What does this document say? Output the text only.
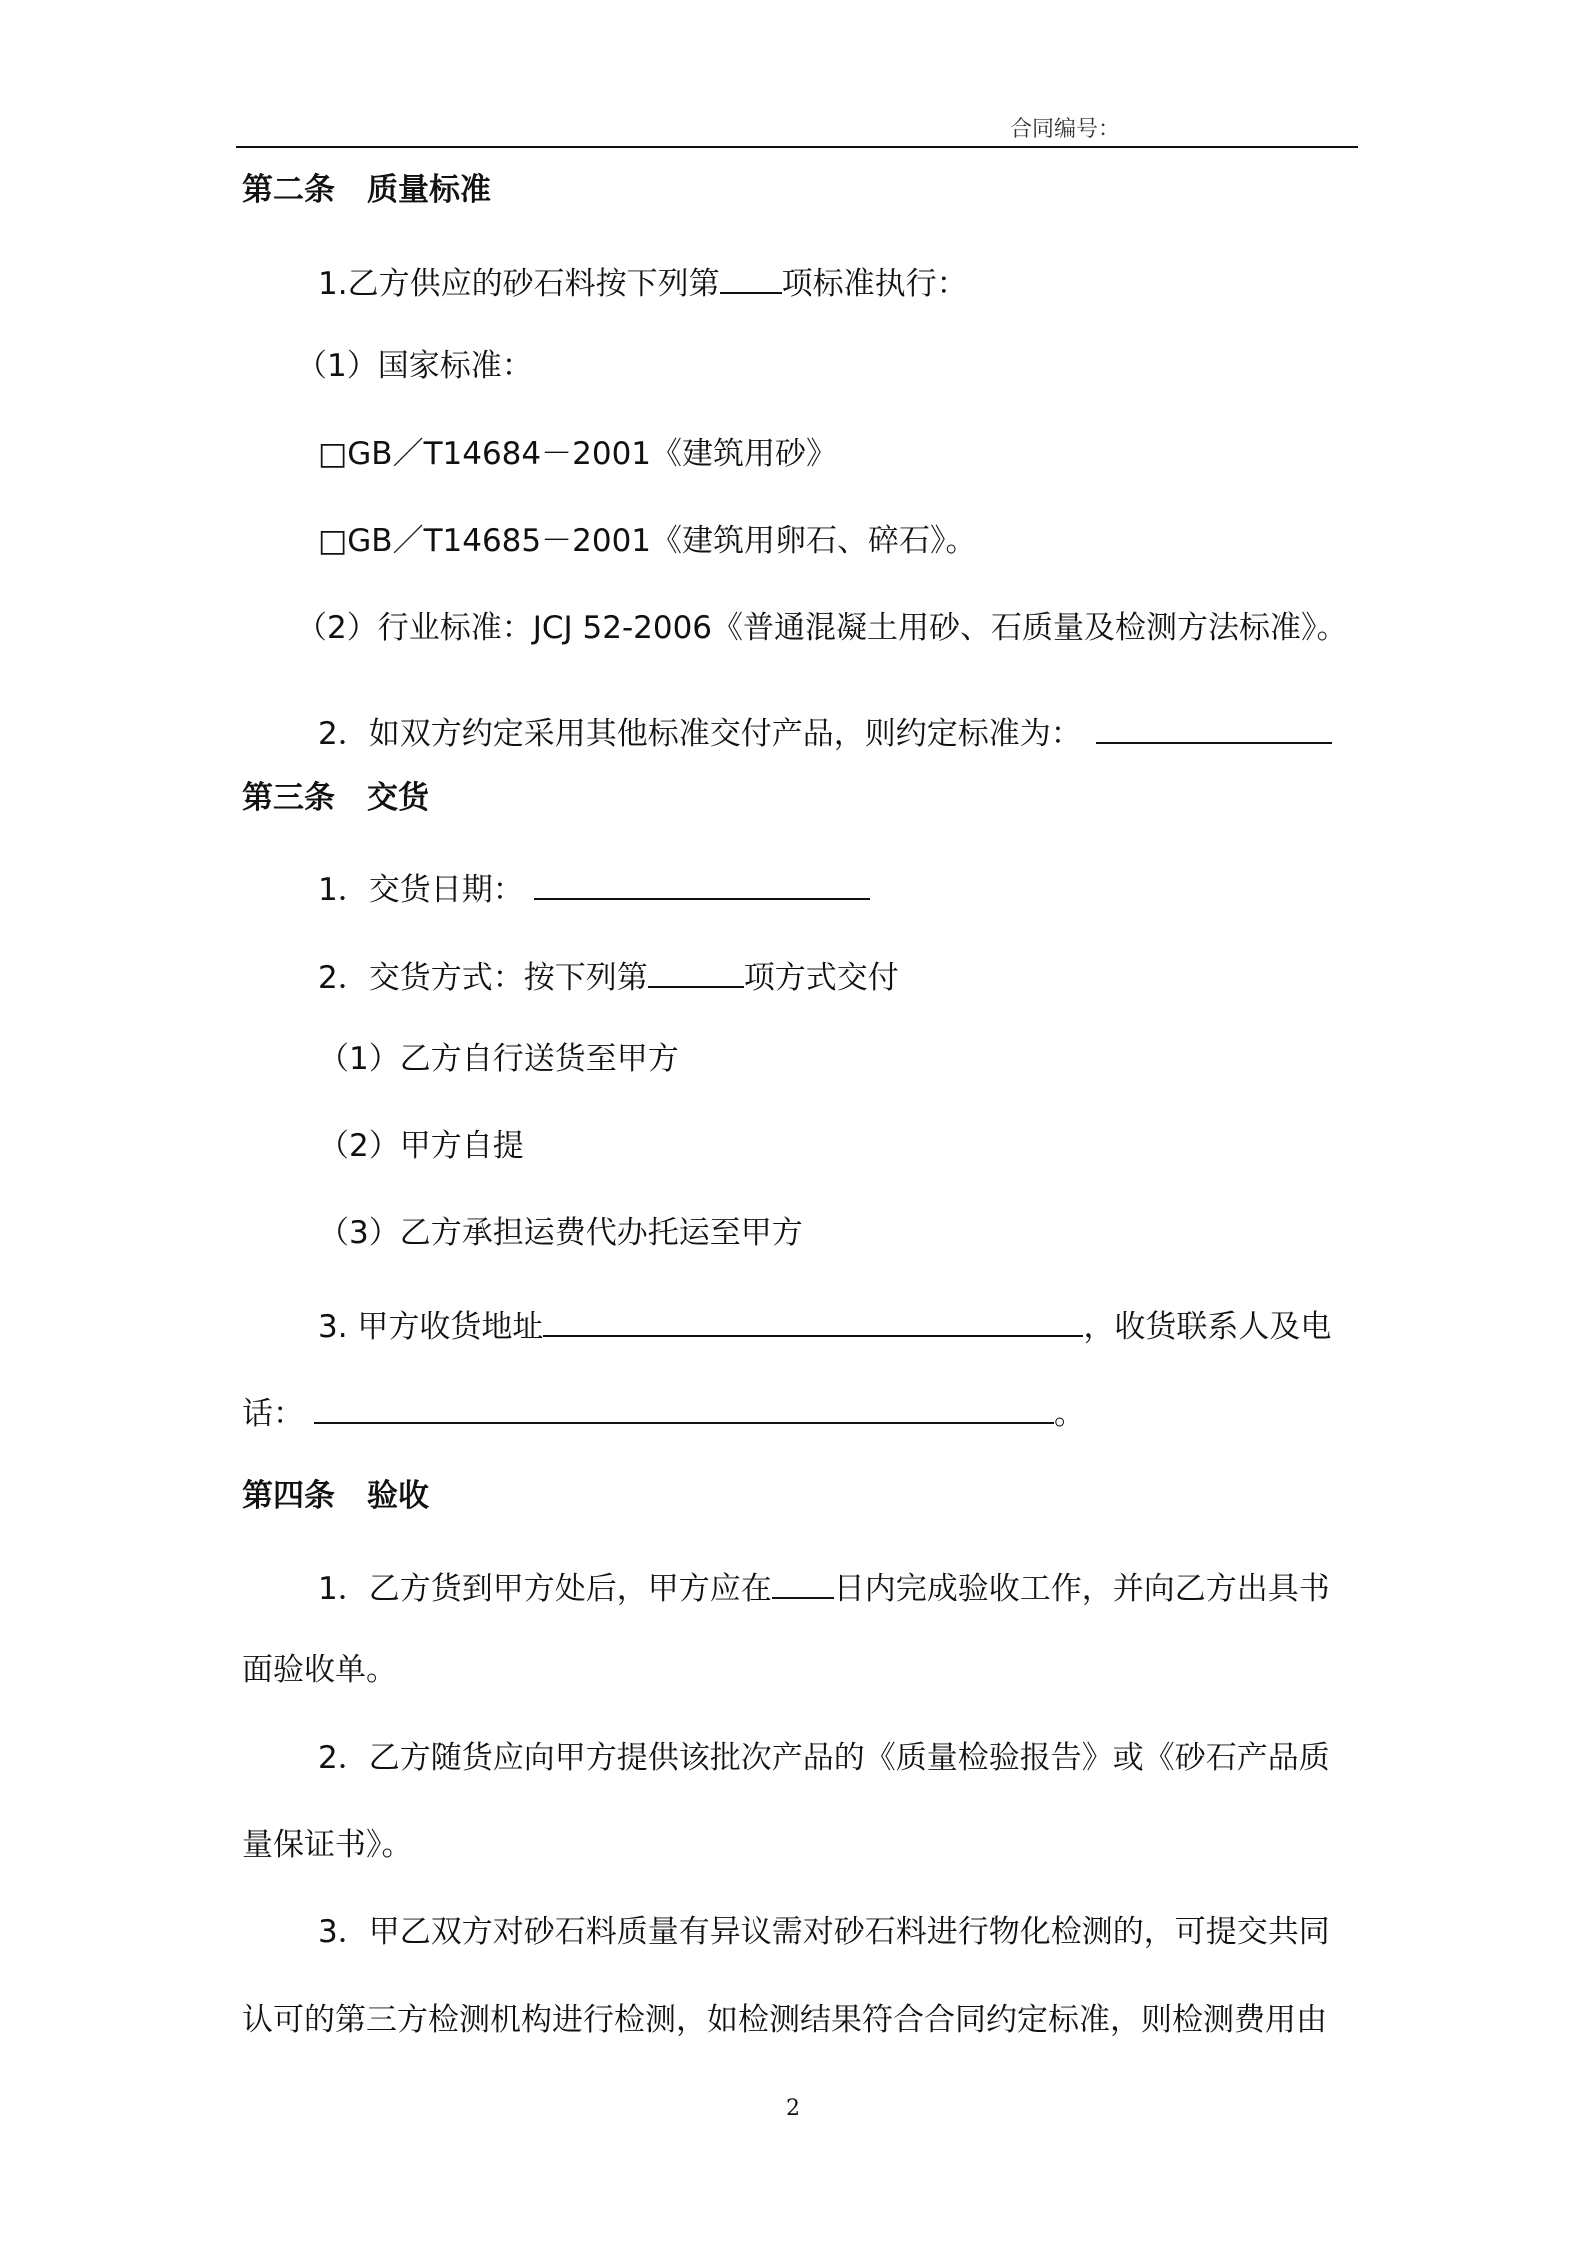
合同编号：
第二条 质量标准
1.乙方供应的砂石料按下列第 项标准执行：
（1）国家标准：
□GB／T14684－2001《建筑用砂》
□GB／T14685－2001《建筑用卵石、碎石》。
（2）行业标准：JCJ 52-2006《普通混凝土用砂、石质量及检测方法标准》。
2．如双方约定采用其他标准交付产品，则约定标准为：
第三条 交货
1．交货日期：
2．交货方式：按下列第	项方式交付
（1）乙方自行送货至甲方
（2）甲方自提
（3）乙方承担运费代办托运至甲方
3. 甲方收货地址	，收货联系人及电
话：	。
第四条 验收
1．乙方货到甲方处后，甲方应在 日内完成验收工作，并向乙方出具书
面验收单。
2．乙方随货应向甲方提供该批次产品的《质量检验报告》或《砂石产品质
量保证书》。
3．甲乙双方对砂石料质量有异议需对砂石料进行物化检测的，可提交共同
认可的第三方检测机构进行检测，如检测结果符合合同约定标准，则检测费用由
2
